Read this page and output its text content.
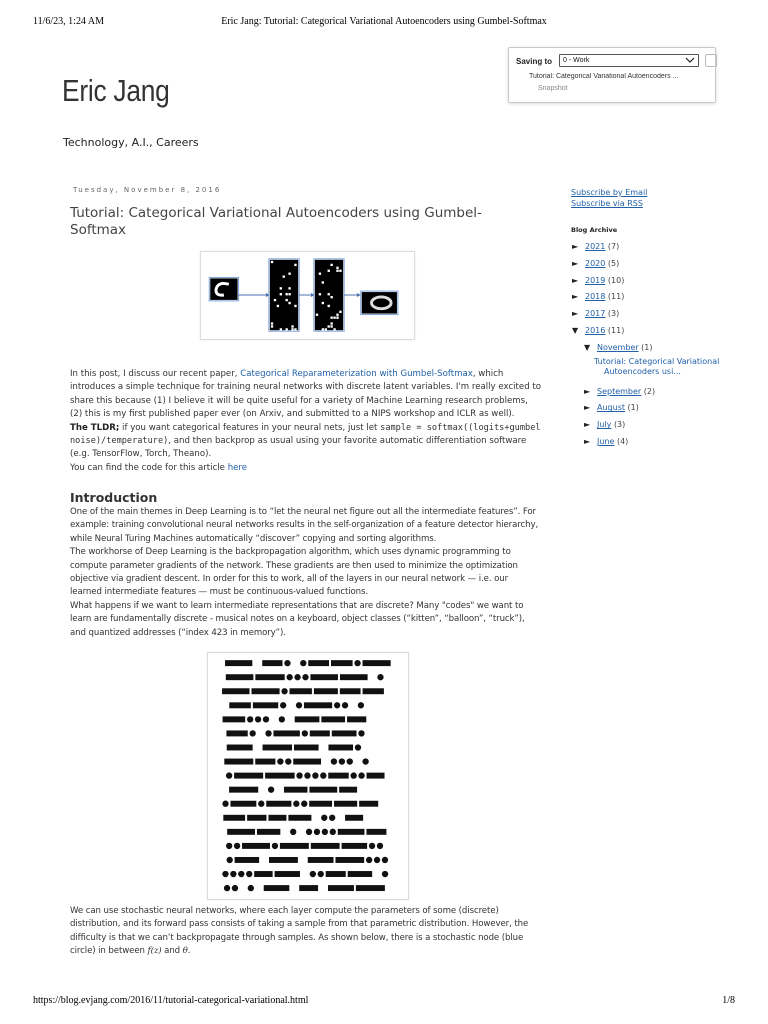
11/6/23, 1:24 AM	Eric Jang: Tutorial: Categorical Variational Autoencoders using Gumbel-Softmax
Saving to	0 - Work
Tutorial: Categorical Variational Autoencoders ...
Snapshot
Eric Jang
Technology, A.I., Careers
Tuesday, November 8, 2016
Tutorial: Categorical Variational Autoencoders using Gumbel-Softmax
In this post, I discuss our recent paper, Categorical Reparameterization with Gumbel-Softmax, which introduces a simple technique for training neural networks with discrete latent variables. I'm really excited to share this because (1) I believe it will be quite useful for a variety of Machine Learning research problems, (2) this is my first published paper ever (on Arxiv, and submitted to a NIPS workshop and ICLR as well).
The TLDR; if you want categorical features in your neural nets, just let sample = softmax((logits+gumbel noise)/temperature), and then backprop as usual using your favorite automatic differentiation software (e.g. TensorFlow, Torch, Theano).
You can find the code for this article here
Introduction
One of the main themes in Deep Learning is to “let the neural net figure out all the intermediate features”. For example: training convolutional neural networks results in the self-organization of a feature detector hierarchy, while Neural Turing Machines automatically “discover” copying and sorting algorithms.
The workhorse of Deep Learning is the backpropagation algorithm, which uses dynamic programming to compute parameter gradients of the network. These gradients are then used to minimize the optimization objective via gradient descent. In order for this to work, all of the layers in our neural network — i.e. our learned intermediate features — must be continuous-valued functions.
What happens if we want to learn intermediate representations that are discrete? Many "codes" we want to learn are fundamentally discrete - musical notes on a keyboard, object classes (“kitten”, “balloon”, “truck”), and quantized addresses (“index 423 in memory”).
We can use stochastic neural networks, where each layer compute the parameters of some (discrete) distribution, and its forward pass consists of taking a sample from that parametric distribution. However, the difficulty is that we can’t backpropagate through samples. As shown below, there is a stochastic node (blue circle) in between f(z) and θ.
Subscribe by Email
Subscribe via RSS
Blog Archive
► 2021 (7)
► 2020 (5)
► 2019 (10)
► 2018 (11)
► 2017 (3)
▼ 2016 (11)
▼ November (1)
Tutorial: Categorical Variational
Autoencoders usi...
► September (2)
► August (1)
► July (3)
► June (4)
https://blog.evjang.com/2016/11/tutorial-categorical-variational.html	1/8
